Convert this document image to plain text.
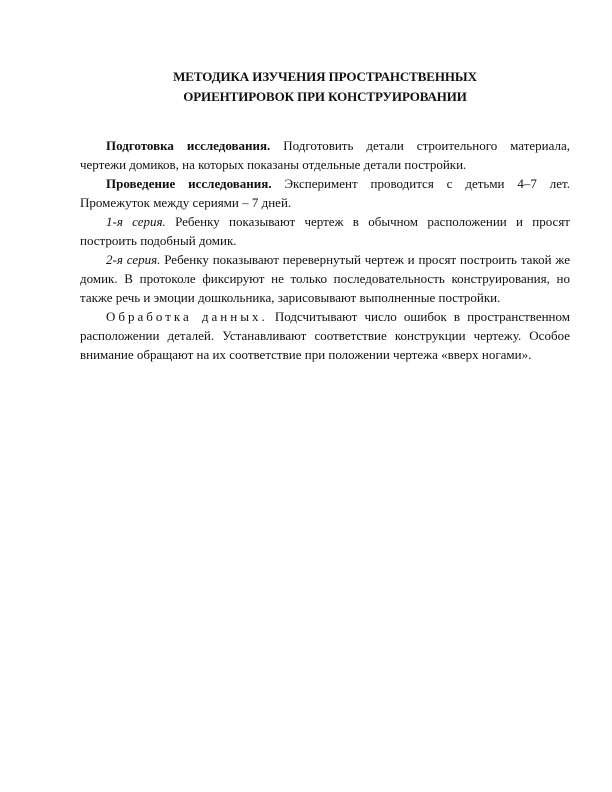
МЕТОДИКА ИЗУЧЕНИЯ ПРОСТРАНСТВЕННЫХ
ОРИЕНТИРОВОК ПРИ КОНСТРУИРОВАНИИ

Подготовка исследования. Подготовить детали строительного материала, чертежи домиков, на которых показаны отдельные детали постройки.

Проведение исследования. Эксперимент проводится с детьми 4–7 лет. Промежуток между сериями – 7 дней.

1-я серия. Ребенку показывают чертеж в обычном расположении и просят построить подобный домик.

2-я серия. Ребенку показывают перевернутый чертеж и просят построить такой же домик. В протоколе фиксируют не только последовательность конструирования, но также речь и эмоции дошкольника, зарисовывают выполненные постройки.

Обработка данных. Подсчитывают число ошибок в пространственном расположении деталей. Устанавливают соответствие конструкции чертежу. Особое внимание обращают на их соответствие при положении чертежа «вверх ногами».
